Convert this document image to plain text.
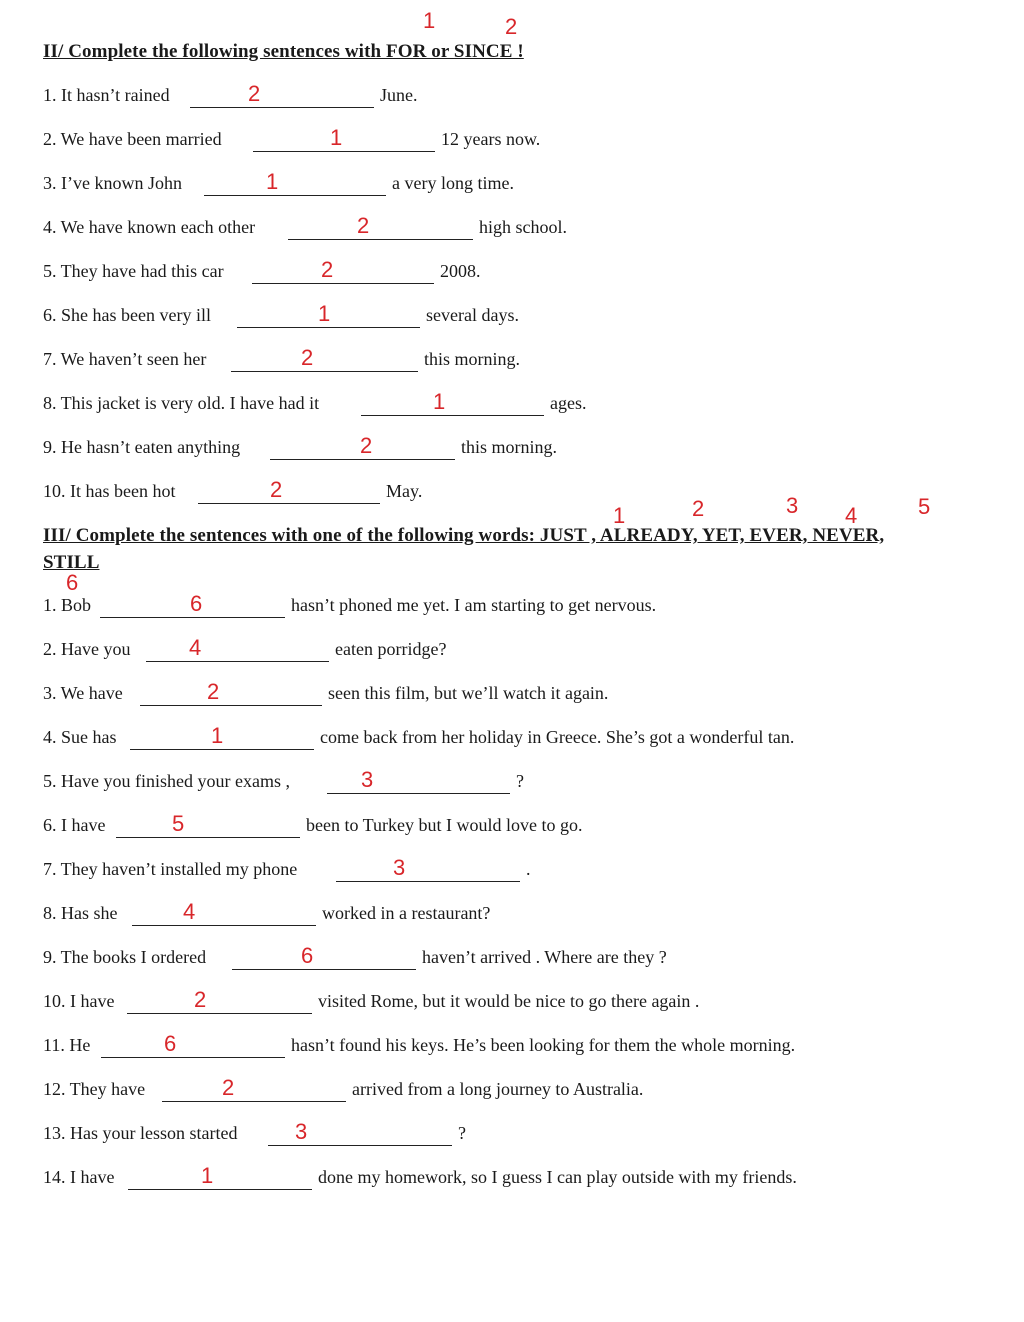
1	2
II/ Complete the following sentences with FOR or SINCE !
1. It hasn’t rained	2	June.
2. We have been married	1	12 years now.
3. I’ve known John	1	a very long time.
4. We have known each other	2	high school.
5. They have had this car	2	2008.
6. She has been very ill	1	several days.
7. We haven’t seen her	2	this morning.
8. This jacket is very old. I have had it	1	ages.
9. He hasn’t eaten anything	2	this morning.
10. It has been hot	2	May.
1	2	3 4	5
III/ Complete the sentences with one of the following words: JUST , ALREADY, YET, EVER, NEVER,
STILL
6
1. Bob	6	hasn’t phoned me yet. I am starting to get nervous.
2. Have you	4	eaten porridge?
3. We have	2	seen this film, but we’ll watch it again.
4. Sue has	1	come back from her holiday in Greece. She’s got a wonderful tan.
5. Have you finished your exams ,	3	?
6. I have	5	been to Turkey but I would love to go.
7. They haven’t installed my phone	3	.
8. Has she	4	worked in a restaurant?
9. The books I ordered	6	haven’t arrived . Where are they ?
10. I have	2	visited Rome, but it would be nice to go there again .
11. He	6	hasn’t found his keys. He’s been looking for them the whole morning.
12. They have	2	arrived from a long journey to Australia.
13. Has your lesson started	3	?
14. I have	1	done my homework, so I guess I can play outside with my friends.
